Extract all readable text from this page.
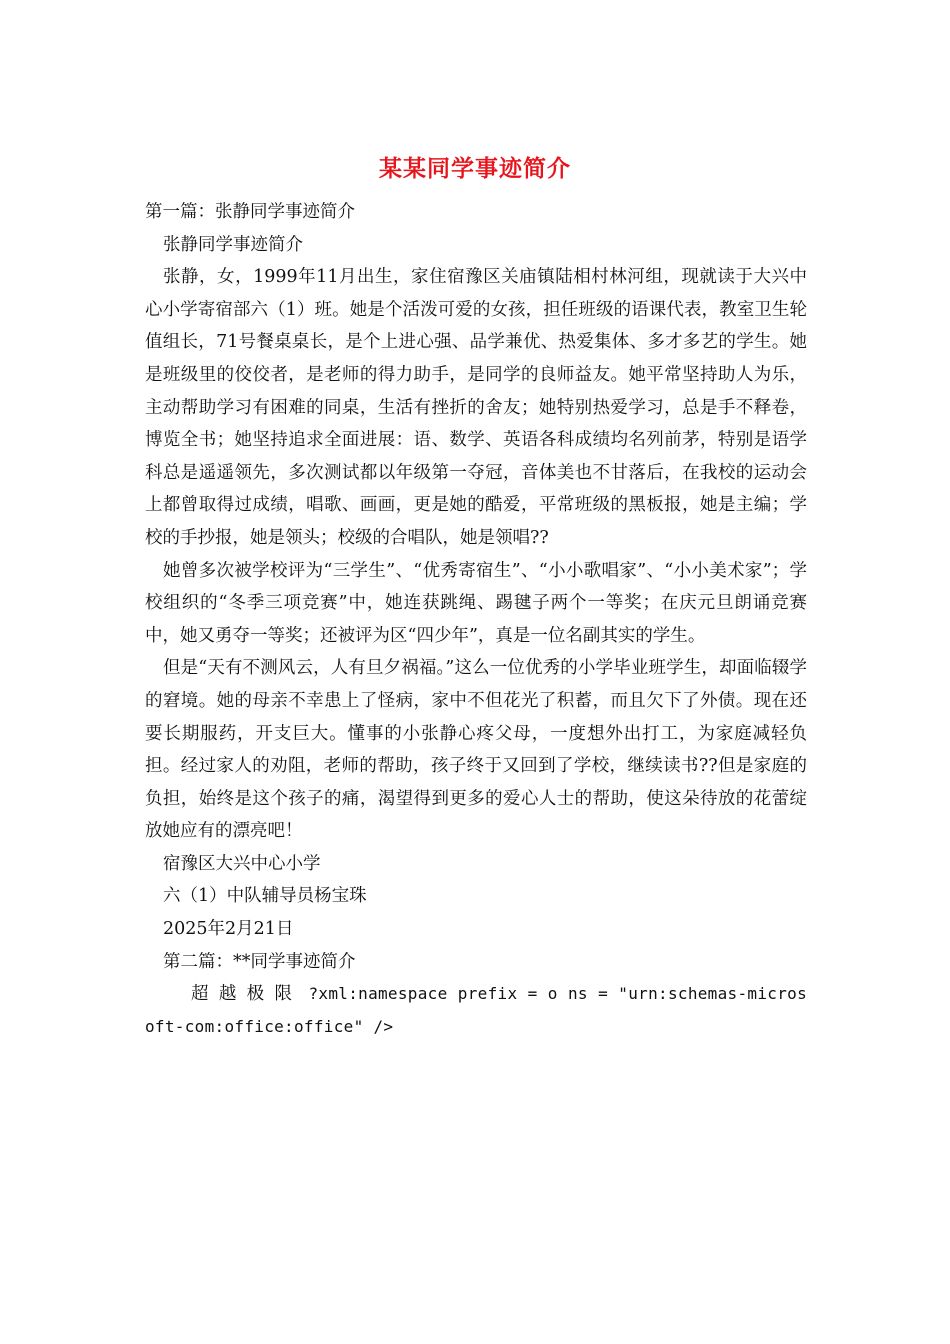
某某同学事迹简介

第一篇：张静同学事迹简介

张静同学事迹简介

张静，女，1999年11月出生，家住宿豫区关庙镇陆相村林河组，现就读于大兴中心小学寄宿部六（1）班。她是个活泼可爱的女孩，担任班级的语课代表，教室卫生轮值组长，71号餐桌桌长，是个上进心强、品学兼优、热爱集体、多才多艺的学生。她是班级里的佼佼者，是老师的得力助手，是同学的良师益友。她平常坚持助人为乐，主动帮助学习有困难的同桌，生活有挫折的舍友；她特别热爱学习，总是手不释卷，博览全书；她坚持追求全面进展：语、数学、英语各科成绩均名列前茅，特别是语学科总是遥遥领先，多次测试都以年级第一夺冠，音体美也不甘落后，在我校的运动会上都曾取得过成绩，唱歌、画画，更是她的酷爱，平常班级的黑板报，她是主编；学校的手抄报，她是领头；校级的合唱队，她是领唱??

她曾多次被学校评为“三学生”、“优秀寄宿生”、“小小歌唱家”、“小小美术家”；学校组织的“冬季三项竞赛”中，她连获跳绳、踢毽子两个一等奖；在庆元旦朗诵竞赛中，她又勇夺一等奖；还被评为区“四少年”，真是一位名副其实的学生。

但是“天有不测风云，人有旦夕祸福。”这么一位优秀的小学毕业班学生，却面临辍学的窘境。她的母亲不幸患上了怪病，家中不但花光了积蓄，而且欠下了外债。现在还要长期服药，开支巨大。懂事的小张静心疼父母，一度想外出打工，为家庭减轻负担。经过家人的劝阻，老师的帮助，孩子终于又回到了学校，继续读书??但是家庭的负担，始终是这个孩子的痛，渴望得到更多的爱心人士的帮助，使这朵待放的花蕾绽放她应有的漂亮吧！

宿豫区大兴中心小学

六（1）中队辅导员杨宝珠

2025年2月21日

第二篇：**同学事迹简介

超越极限 ?xml:namespace prefix = o ns = "urn:schemas-microsoft-com:office:office" />
